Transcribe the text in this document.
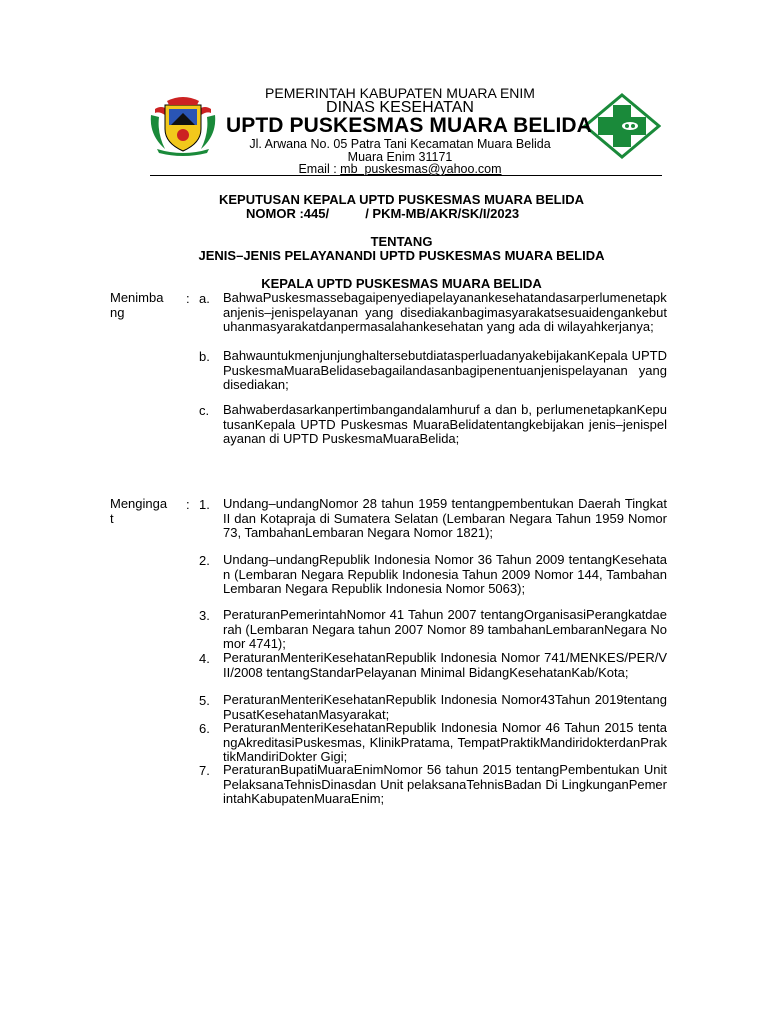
PEMERINTAH KABUPATEN MUARA ENIM
DINAS KESEHATAN
UPTD PUSKESMAS MUARA BELIDA
Jl. Arwana No. 05 Patra Tani Kecamatan Muara Belida
Muara Enim 31171
Email : mb_puskesmas@yahoo.com
KEPUTUSAN KEPALA UPTD PUSKESMAS MUARA BELIDA
NOMOR :445/          / PKM-MB/AKR/SK/I/2023
TENTANG
JENIS–JENIS PELAYANANDI UPTD PUSKESMAS MUARA BELIDA
KEPALA UPTD PUSKESMAS MUARA BELIDA
Menimbang
: a. BahwaPuskesmassebagaipenyediapelayanankesehatandasarperlumenetapkanjenis–jenispelayanan yang disediakanbagimasyarakatsesuaidengankebutuhanmasyarakatdanpermasalahankesehatan yang ada di wilayahkerjanya;
b. BahwauntukmenjunjunghaltersebutdiatasperluadanyakebijakanKepala UPTD PuskesmaMuaraBelidasebagailandasanbagipenentuanjenispelayanan yang disediakan;
c. Bahwaberdasarkanpertimbangandalamhuruf a dan b, perlumenetapkanKeputusanKepala UPTD Puskesmas MuaraBelidatentangkebijakan jenis–jenispelayanan di UPTD PuskesmaMuaraBelida;
Mengingat
: 1. Undang–undangNomor 28 tahun 1959 tentangpembentukan Daerah Tingkat II dan Kotapraja di Sumatera Selatan (Lembaran Negara Tahun 1959 Nomor 73, TambahanLembaran Negara Nomor 1821);
2. Undang–undangRepublik Indonesia Nomor 36 Tahun 2009 tentangKesehatan (Lembaran Negara Republik Indonesia Tahun 2009 Nomor 144, TambahanLembaran Negara Republik Indonesia Nomor 5063);
3. PeraturanPemerintahNomor 41 Tahun 2007 tentangOrganisasiPerangkatdaerah (Lembaran Negara tahun 2007 Nomor 89 tambahanLembaranNegara Nomor 4741);
4. PeraturanMenteriKesehatanRepublik Indonesia Nomor 741/MENKES/PER/VII/2008 tentangStandarPelayanan Minimal BidangKesehatanKab/Kota;
5. PeraturanMenteriKesehatanRepublik Indonesia Nomor43Tahun 2019tentangPusatKesehatanMasyarakat;
6. PeraturanMenteriKesehatanRepublik Indonesia Nomor 46 Tahun 2015 tentangAkreditasiPuskesmas, KlinikPratama, TempatPraktikMandiridokterdanPraktikMandiriDokter Gigi;
7. PeraturanBupatiMuaraEnimNomor 56 tahun 2015 tentangPembentukan Unit PelaksanaTehnisDinasdan Unit pelaksanaTehnisBadan Di LingkunganPemerintahKabupatenMuaraEnim;
